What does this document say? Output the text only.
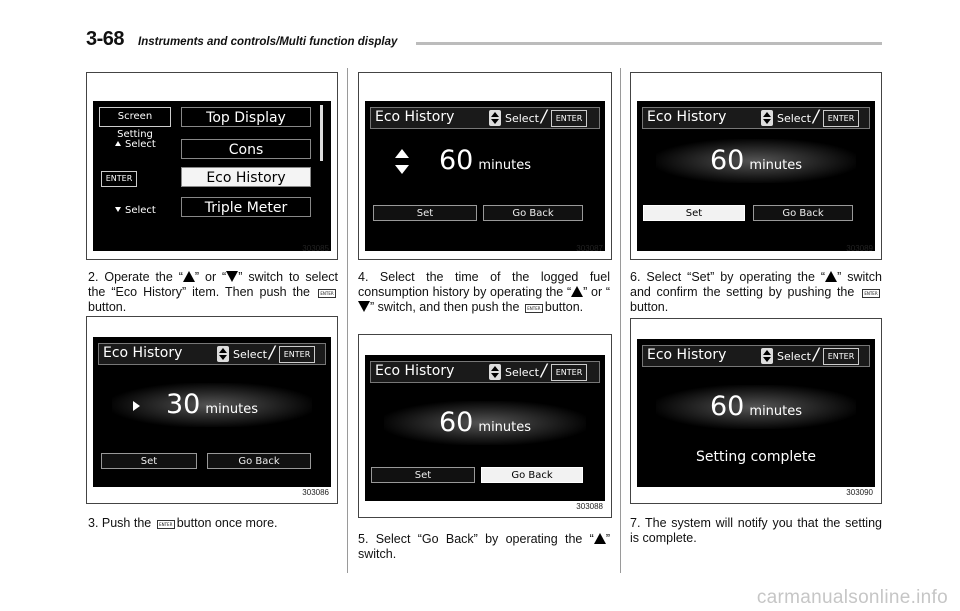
3-68 Instruments and controls/Multi function display
Screen Setting
Select
ENTER
Select
Top Display
Cons
Eco History
Triple Meter
303085
2. Operate the “ ” or “ ” switch to select the “Eco History” item. Then push the	ENTERbutton.
Eco History	Select /	ENTER
30 minutes
Set	Go Back
303086
3. Push the ENTER button once more.
Eco History	Select /	ENTER
60 minutes
Set	Go Back
303087
4. Select the time of the logged fuel consumption history by operating the “ ” or “” switch, and then push the ENTER button.
Eco History	Select /	ENTER
60 minutes
Set	Go Back
303088
5. Select “Go Back” by operating the “ ” switch.
Eco History	Select /	ENTER
60 minutes
Set	Go Back
303089
6. Select “Set” by operating the “ ” switch and confirm the setting by pushing the	ENTERbutton.
Eco History	Select /	ENTER
60 minutes
Setting complete
303090
7. The system will notify you that the setting is complete.
carmanualsonline.info
